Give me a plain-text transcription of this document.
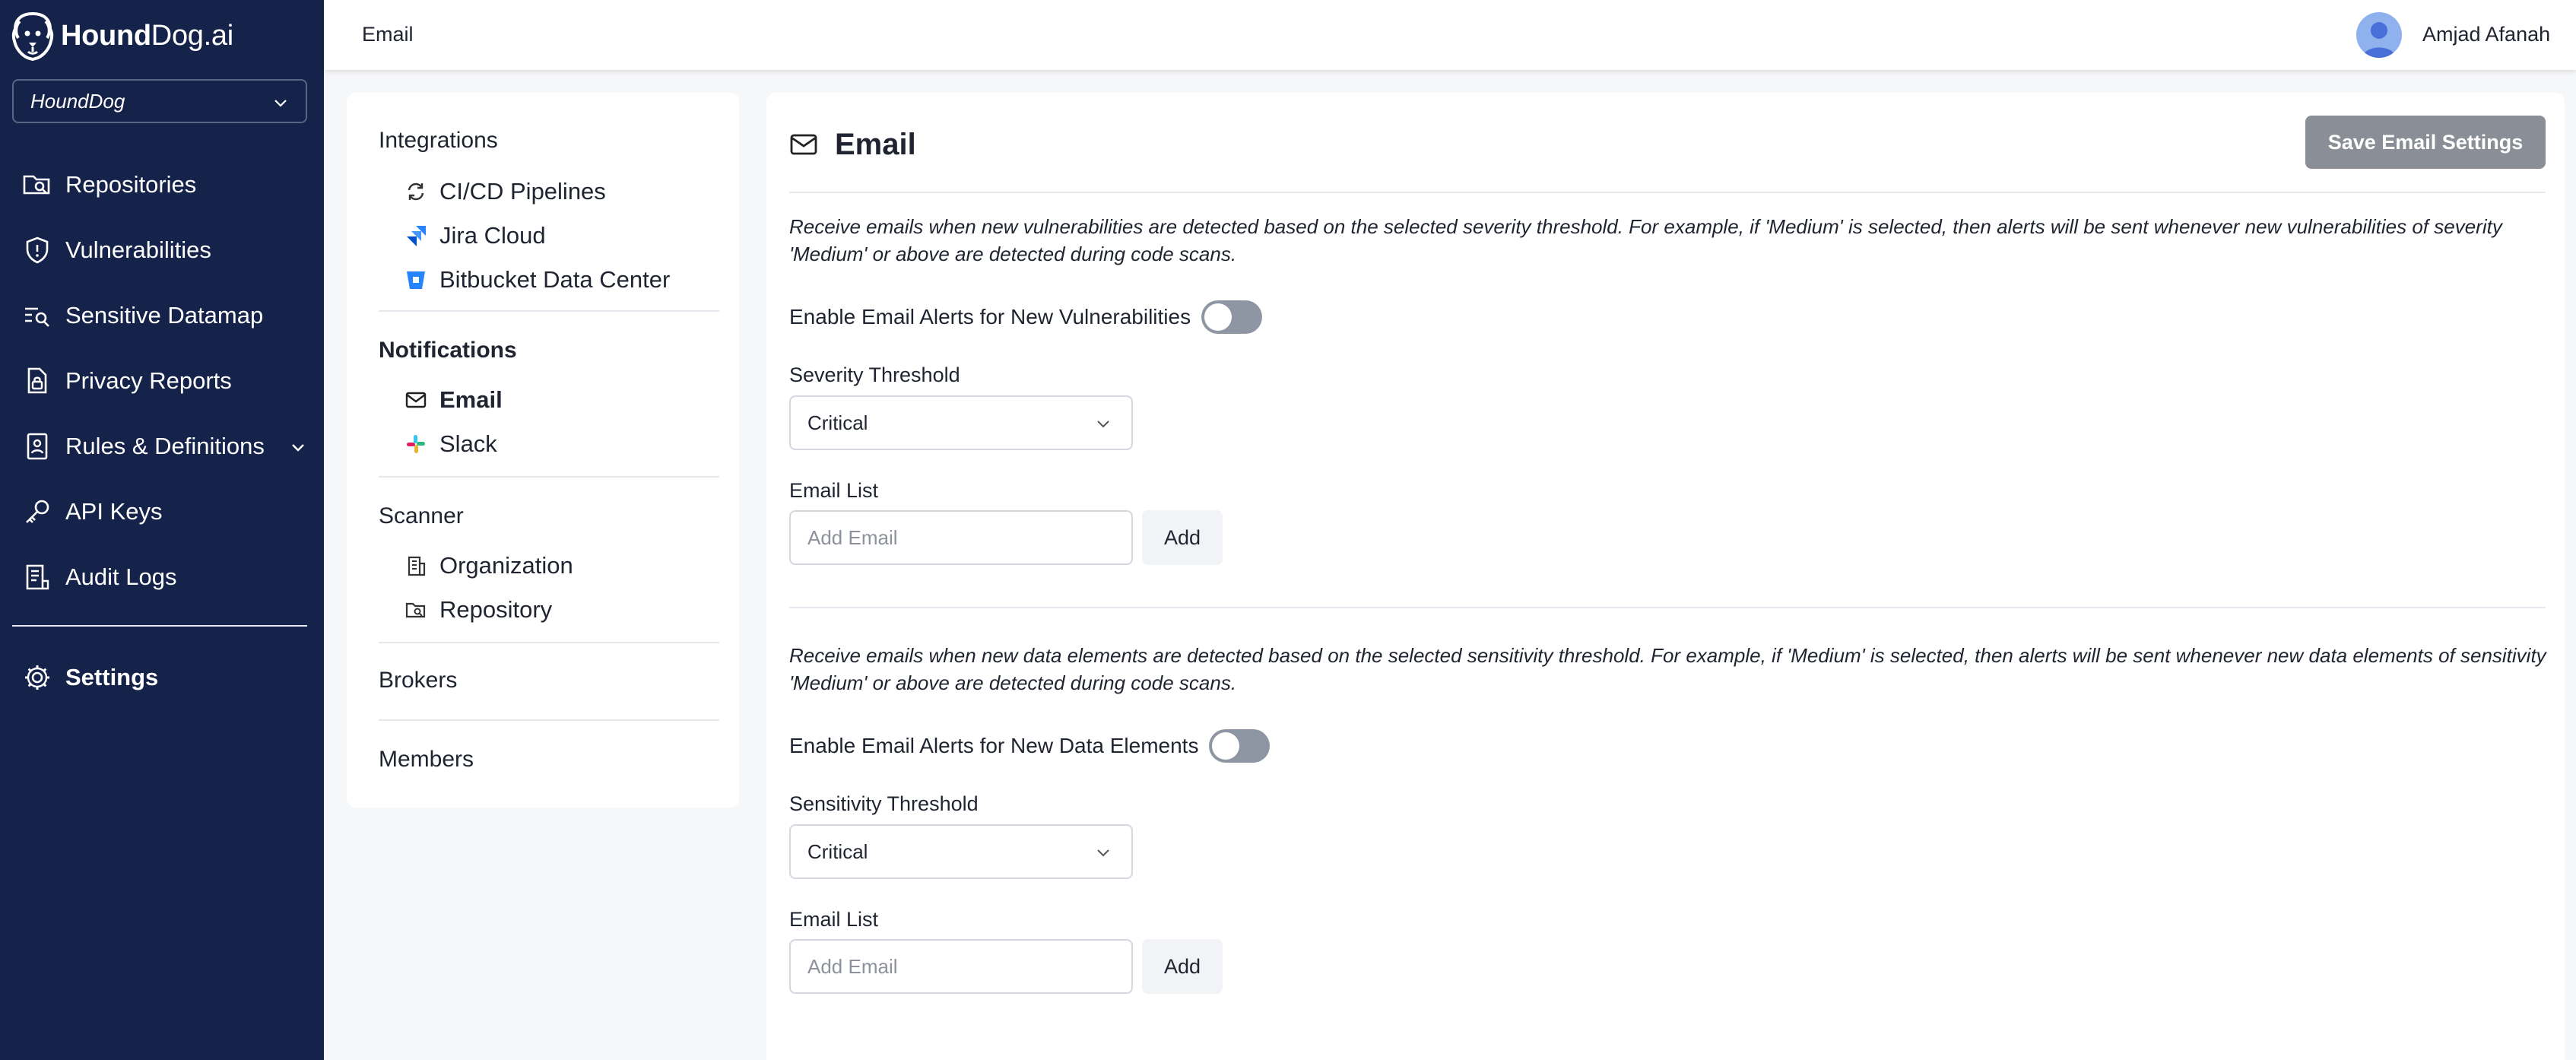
HoundDog.ai
HoundDog
Repositories
Vulnerabilities
Sensitive Datamap
Privacy Reports
Rules & Definitions
API Keys
Audit Logs
Settings
Email	Amjad Afanah
Integrations
CI/CD Pipelines
Jira Cloud
Bitbucket Data Center
Notifications
Email
Slack
Scanner
Organization
Repository
Brokers
Members
Email	Save Email Settings

Receive emails when new vulnerabilities are detected based on the selected severity threshold. For example, if 'Medium' is selected, then alerts will be sent whenever new vulnerabilities of severity 'Medium' or above are detected during code scans.

Enable Email Alerts for New Vulnerabilities
Severity Threshold
Critical
Email List
Add Email
Add

Receive emails when new data elements are detected based on the selected sensitivity threshold. For example, if 'Medium' is selected, then alerts will be sent whenever new data elements of sensitivity 'Medium' or above are detected during code scans.

Enable Email Alerts for New Data Elements
Sensitivity Threshold
Critical
Email List
Add Email
Add
